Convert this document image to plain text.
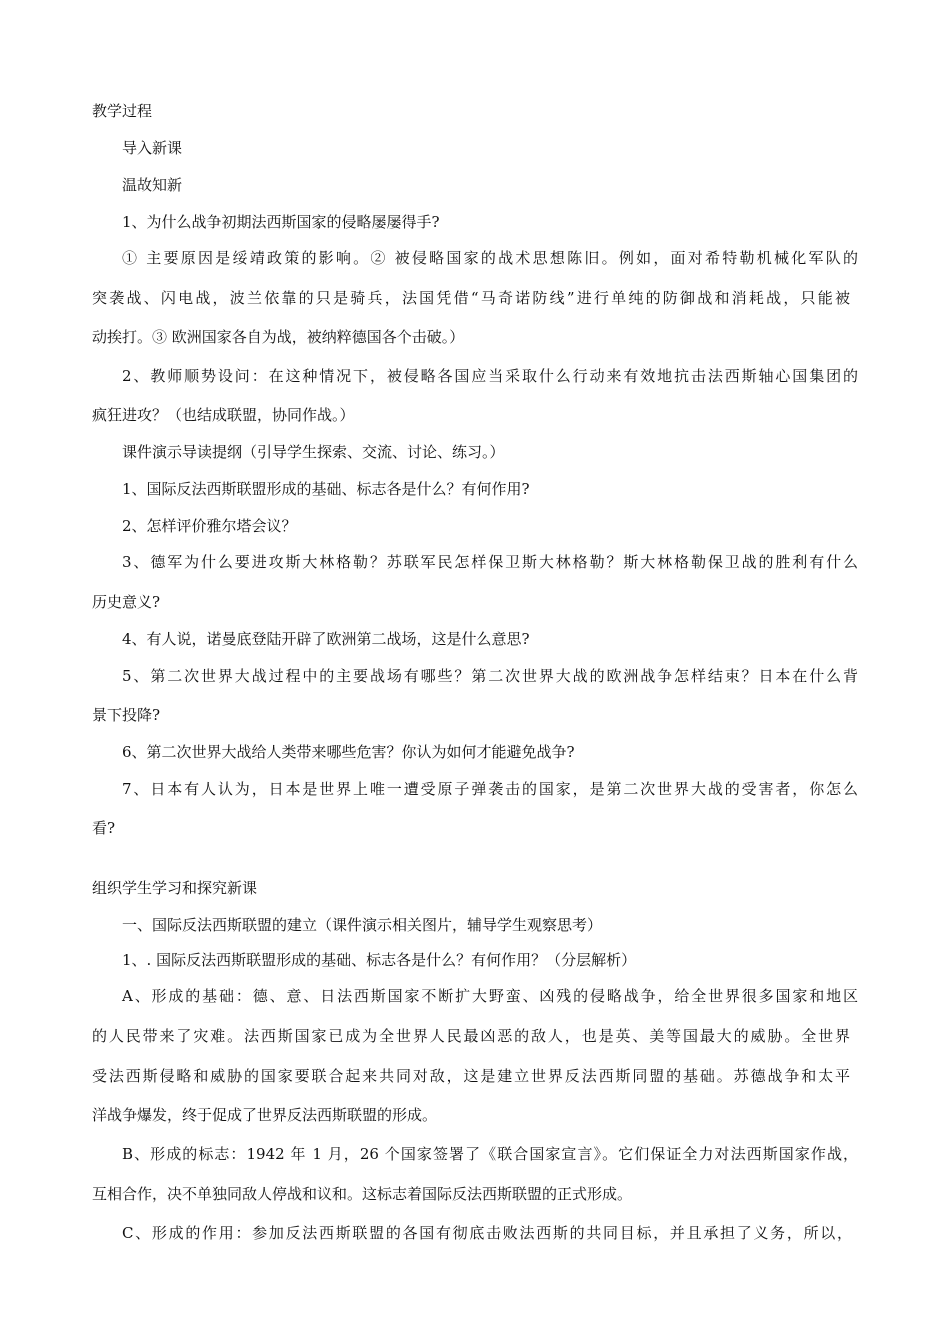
教学过程
导入新课
温故知新
1、为什么战争初期法西斯国家的侵略屡屡得手?
① 主要原因是绥靖政策的影响。② 被侵略国家的战术思想陈旧。例如，面对希特勒机械化军队的
突袭战、闪电战，波兰依靠的只是骑兵，法国凭借“马奇诺防线”进行单纯的防御战和消耗战，只能被
动挨打。③ 欧洲国家各自为战，被纳粹德国各个击破。）
2、教师顺势设问：在这种情况下，被侵略各国应当采取什么行动来有效地抗击法西斯轴心国集团的
疯狂进攻？（也结成联盟，协同作战。）
课件演示导读提纲（引导学生探索、交流、讨论、练习。）
1、国际反法西斯联盟形成的基础、标志各是什么？有何作用?
2、怎样评价雅尔塔会议？
3、德军为什么要进攻斯大林格勒？苏联军民怎样保卫斯大林格勒？斯大林格勒保卫战的胜利有什么
历史意义?
4、有人说，诺曼底登陆开辟了欧洲第二战场，这是什么意思?
5、第二次世界大战过程中的主要战场有哪些？第二次世界大战的欧洲战争怎样结束？日本在什么背
景下投降?
6、第二次世界大战给人类带来哪些危害？你认为如何才能避免战争?
7、日本有人认为，日本是世界上唯一遭受原子弹袭击的国家，是第二次世界大战的受害者，你怎么
看?
组织学生学习和探究新课
一、国际反法西斯联盟的建立（课件演示相关图片，辅导学生观察思考）
1、. 国际反法西斯联盟形成的基础、标志各是什么？有何作用？（分层解析）
A、形成的基础：德、意、日法西斯国家不断扩大野蛮、凶残的侵略战争，给全世界很多国家和地区
的人民带来了灾难。法西斯国家已成为全世界人民最凶恶的敌人，也是英、美等国最大的威胁。全世界
受法西斯侵略和威胁的国家要联合起来共同对敌，这是建立世界反法西斯同盟的基础。苏德战争和太平
洋战争爆发，终于促成了世界反法西斯联盟的形成。
B、形成的标志：1942 年 1 月，26 个国家签署了《联合国家宣言》。它们保证全力对法西斯国家作战，
互相合作，决不单独同敌人停战和议和。这标志着国际反法西斯联盟的正式形成。
C、形成的作用：参加反法西斯联盟的各国有彻底击败法西斯的共同目标，并且承担了义务，所以，
